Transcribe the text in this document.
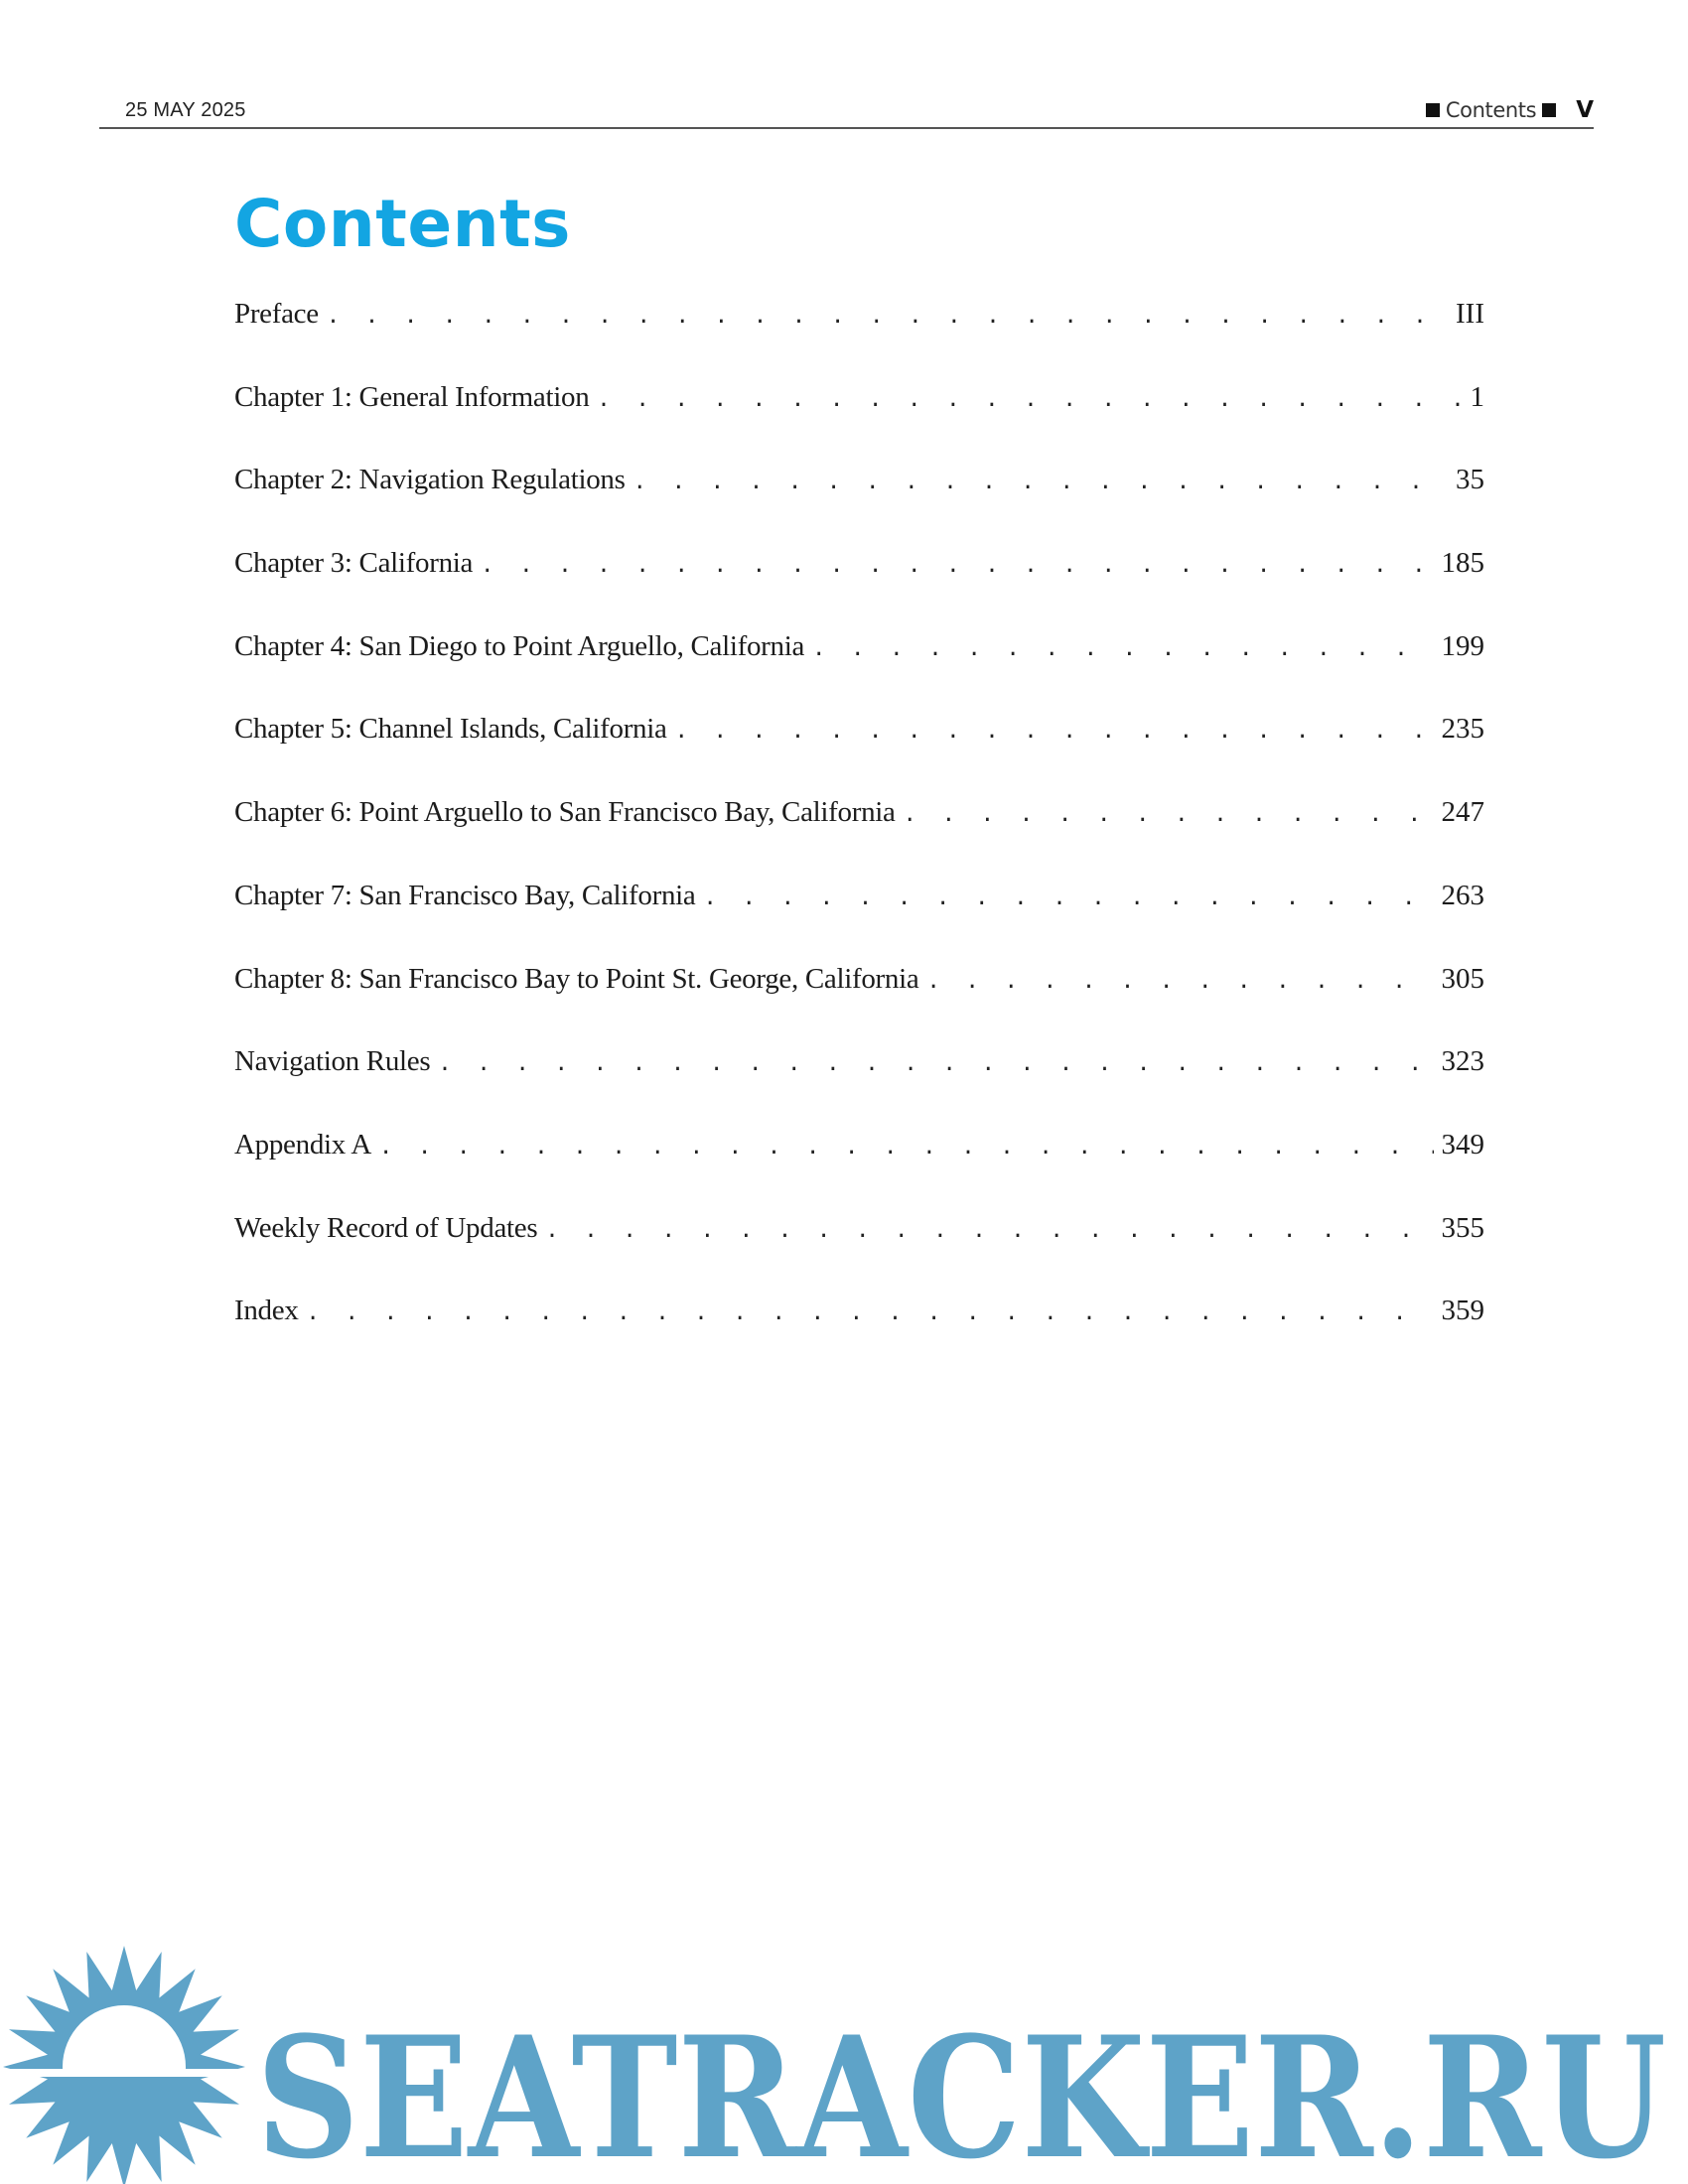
25 MAY 2025	Contents V
Contents
Preface . . .	III
Chapter 1: General Information . . .	1
Chapter 2: Navigation Regulations . . .	35
Chapter 3: California . . .	185
Chapter 4: San Diego to Point Arguello, California . . .	199
Chapter 5: Channel Islands, California . . .	235
Chapter 6: Point Arguello to San Francisco Bay, California . . .	247
Chapter 7: San Francisco Bay, California . . .	263
Chapter 8: San Francisco Bay to Point St. George, California . . .	305
Navigation Rules . . .	323
Appendix A . . .	349
Weekly Record of Updates . . .	355
Index . . .	359
SEATRACKER.RU
